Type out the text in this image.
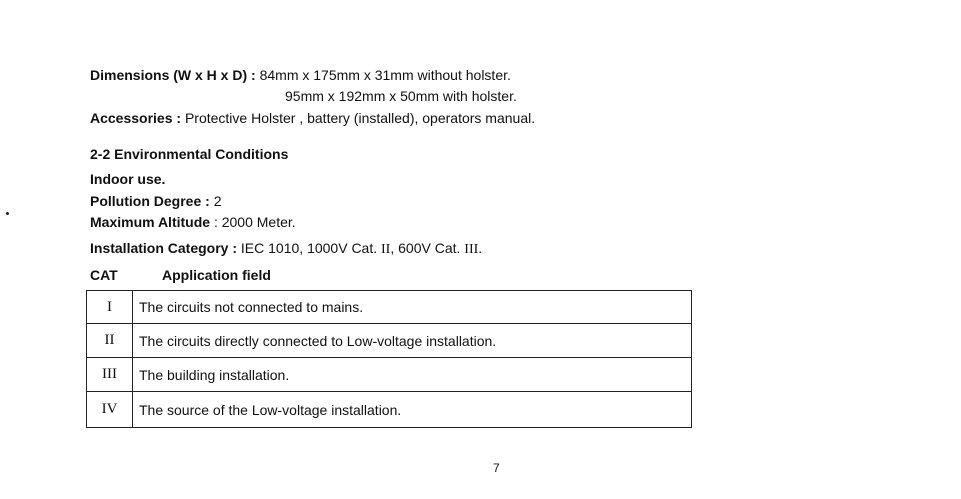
Dimensions (W x H x D) : 84mm x 175mm x 31mm without holster.
95mm x 192mm x 50mm with holster.
Accessories : Protective Holster , battery (installed), operators manual.
2-2 Environmental Conditions
Indoor use.
Pollution Degree : 2
Maximum Altitude : 2000 Meter.
Installation Category : IEC 1010, 1000V Cat. II, 600V Cat. III.
CAT	Application field
I	The circuits not connected to mains.
II	The circuits directly connected to Low-voltage installation.
III	The building installation.
IV	The source of the Low-voltage installation.
7
